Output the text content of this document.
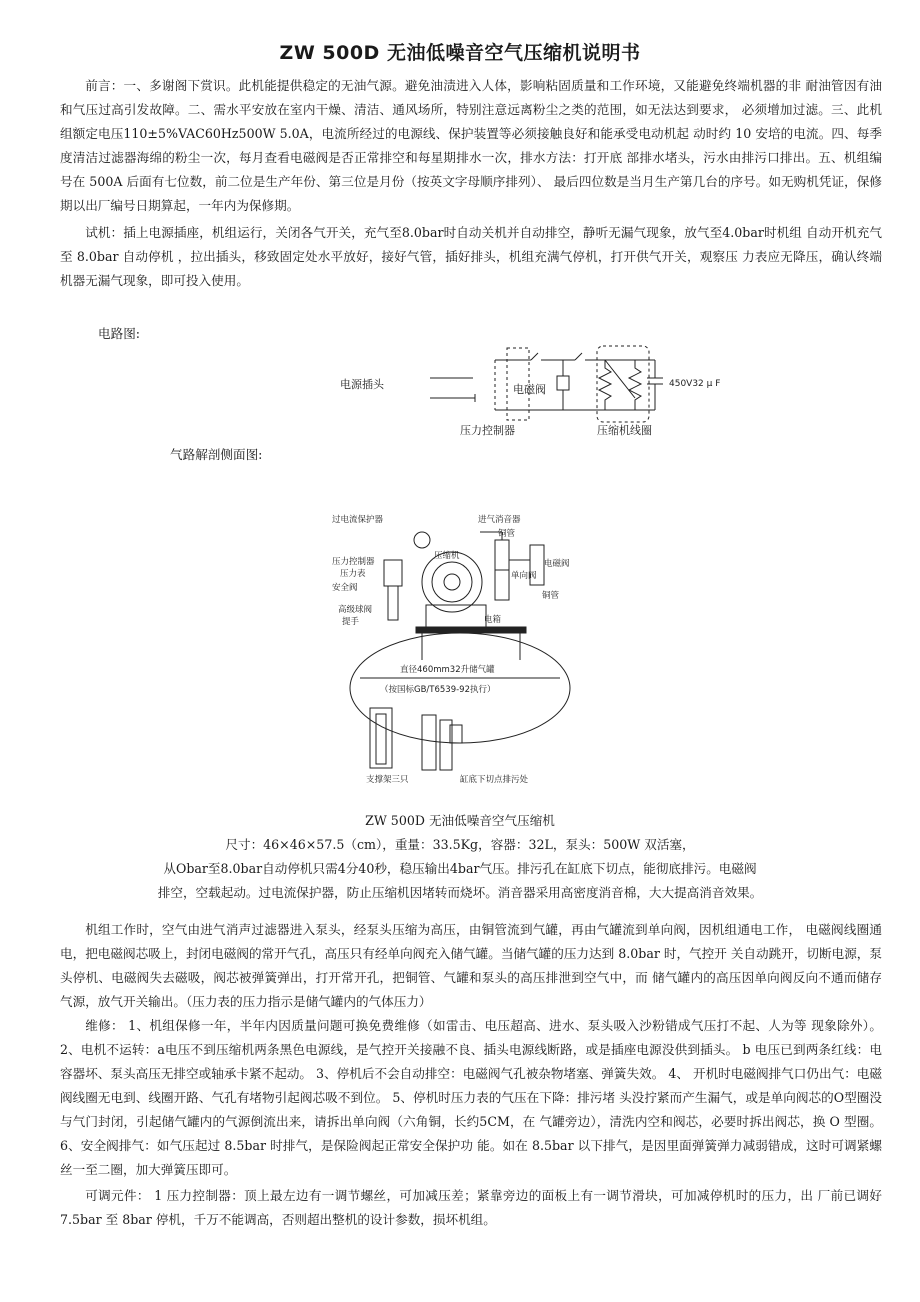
ZW 500D 无油低噪音空气压缩机说明书

前言：一、多谢阁下赏识。此机能提供稳定的无油气源。避免油渍进入人体，影响粘固质量和工作环境，又能避免终端机器的非 耐油管因有油和气压过高引发故障。二、需水平安放在室内干燥、清洁、通风场所，特别注意远离粉尘之类的范围，如无法达到要求， 必须增加过滤。三、此机组额定电压110±5%VAC60Hz500W 5.0A，电流所经过的电源线、保护装置等必须接触良好和能承受电动机起 动时约 10 安培的电流。四、每季度清洁过滤器海绵的粉尘一次，每月查看电磁阀是否正常排空和每星期排水一次，排水方法：打开底 部排水堵头，污水由排污口排出。五、机组编号在 500A 后面有七位数，前二位是生产年份、第三位是月份（按英文字母顺序排列）、 最后四位数是当月生产第几台的序号。如无购机凭证，保修期以出厂编号日期算起，一年内为保修期。

试机：插上电源插座，机组运行，关闭各气开关，充气至8.0bar时自动关机并自动排空，静听无漏气现象，放气至4.0bar时机组 自动开机充气至 8.0bar 自动停机 ，拉出插头，移致固定处水平放好，接好气管，插好排头，机组充满气停机，打开供气开关，观察压 力表应无降压，确认终端机器无漏气现象，即可投入使用。

电路图:
电源插头	电磁阀
压力控制器	压缩机线圈
450V32 μ F
气路解剖侧面图:
过电流保护器	进气消音器
铜管
压缩机
压力控制器
压力表
安全阀
高级球阀
提手
单向阀
电磁阀
铜管
电箱
直径460mm32升储气罐
（按国标GB/T6539-92执行）
支撑架三只	缸底下切点排污处
ZW 500D 无油低噪音空气压缩机
尺寸：46×46×57.5（cm），重量：33.5Kg，容器：32L，泵头：500W 双活塞，
从Obar至8.0bar自动停机只需4分40秒，稳压输出4bar气压。排污孔在缸底下切点，能彻底排污。电磁阀
排空，空载起动。过电流保护器，防止压缩机因堵转而烧坏。消音器采用高密度消音棉，大大提高消音效果。

机组工作时，空气由进气消声过滤器进入泵头，经泵头压缩为高压，由铜管流到气罐，再由气罐流到单向阀，因机组通电工作， 电磁阀线圈通电，把电磁阀芯吸上，封闭电磁阀的常开气孔，高压只有经单向阀充入储气罐。当储气罐的压力达到 8.0bar 时，气控开 关自动跳开，切断电源，泵头停机、电磁阀失去磁吸，阀芯被弹簧弹出，打开常开孔，把铜管、气罐和泵头的高压排泄到空气中，而 储气罐内的高压因单向阀反向不通而储存气源，放气开关输出。（压力表的压力指示是储气罐内的气体压力）

维修： 1、机组保修一年，半年内因质量问题可换免费维修（如雷击、电压超高、进水、泵头吸入沙粉错成气压打不起、人为等 现象除外）。2、电机不运转：a电压不到压缩机两条黑色电源线，是气控开关接融不良、插头电源线断路，或是插座电源没供到插头。 b 电压已到两条红线：电容器坏、泵头高压无排空或轴承卡紧不起动。 3、停机后不会自动排空：电磁阀气孔被杂物堵塞、弹簧失效。 4、 开机时电磁阀排气口仍出气：电磁阀线圈无电到、线圈开路、气孔有堵物引起阀芯吸不到位。 5、停机时压力表的气压在下降：排污堵 头没拧紧而产生漏气，或是单向阀芯的O型圈没与气门封闭，引起储气罐内的气源倒流出来，请拆出单向阀（六角铜，长约5CM，在 气罐旁边），清洗内空和阀芯，必要时拆出阀芯，换 O 型圈。 6、安全阀排气：如气压起过 8.5bar 时排气，是保险阀起正常安全保护功 能。如在 8.5bar 以下排气，是因里面弹簧弹力减弱错成，这时可调紧螺丝一至二圈，加大弹簧压即可。

可调元件： 1 压力控制器：顶上最左边有一调节螺丝，可加减压差；紧靠旁边的面板上有一调节滑块，可加减停机时的压力，出 厂前已调好 7.5bar 至 8bar 停机，千万不能调高，否则超出整机的设计参数，损坏机组。
